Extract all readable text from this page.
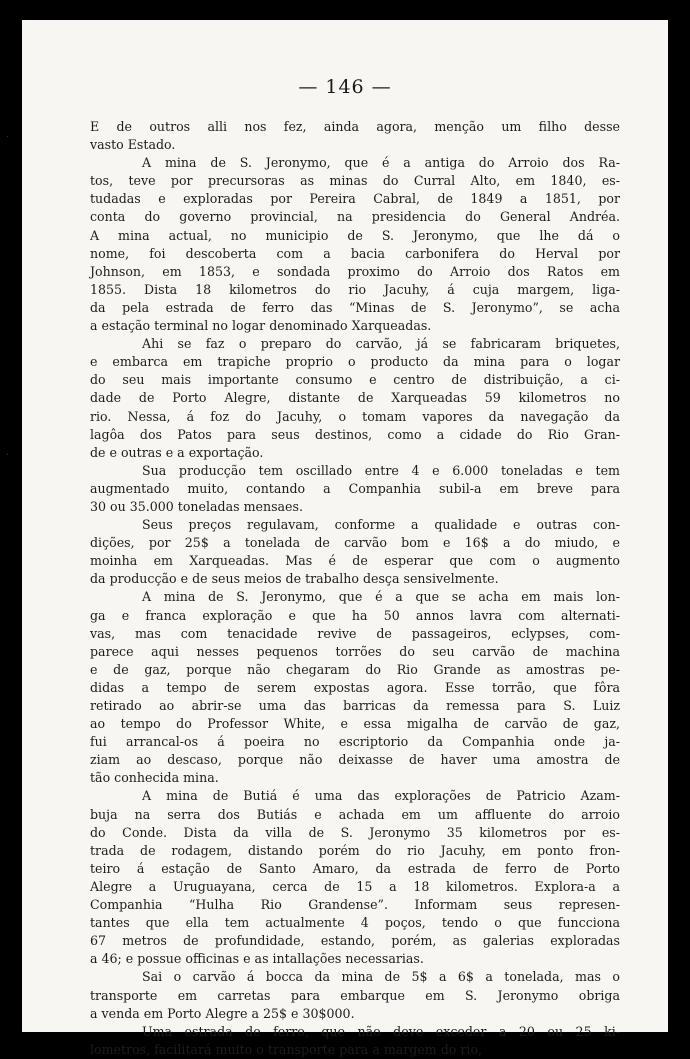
— 146 —
E de outros alli nos fez, ainda agora, menção um filho desse
vasto Estado.
A mina de S. Jeronymo, que é a antiga do Arroio dos Ra-
tos, teve por precursoras as minas do Curral Alto, em 1840, es-
tudadas e exploradas por Pereira Cabral, de 1849 a 1851, por
conta do governo provincial, na presidencia do General Andréa.
A mina actual, no municipio de S. Jeronymo, que lhe dá o
nome, foi descoberta com a bacia carbonifera do Herval por
Johnson, em 1853, e sondada proximo do Arroio dos Ratos em
1855. Dista 18 kilometros do rio Jacuhy, á cuja margem, liga-
da pela estrada de ferro das “Minas de S. Jeronymo”, se acha
a estação terminal no logar denominado Xarqueadas.
Ahi se faz o preparo do carvão, já se fabricaram briquetes,
e embarca em trapiche proprio o producto da mina para o logar
do seu mais importante consumo e centro de distribuição, a ci-
dade de Porto Alegre, distante de Xarqueadas 59 kilometros no
rio. Nessa, á foz do Jacuhy, o tomam vapores da navegação da
lagôa dos Patos para seus destinos, como a cidade do Rio Gran-
de e outras e a exportação.
Sua producção tem oscillado entre 4 e 6.000 toneladas e tem
augmentado muito, contando a Companhia subil-a em breve para
30 ou 35.000 toneladas mensaes.
Seus preços regulavam, conforme a qualidade e outras con-
dições, por 25$ a tonelada de carvão bom e 16$ a do miudo, e
moinha em Xarqueadas. Mas é de esperar que com o augmento
da producção e de seus meios de trabalho desça sensivelmente.
A mina de S. Jeronymo, que é a que se acha em mais lon-
ga e franca exploração e que ha 50 annos lavra com alternati-
vas, mas com tenacidade revive de passageiros, eclypses, com-
parece aqui nesses pequenos torrões do seu carvão de machina
e de gaz, porque não chegaram do Rio Grande as amostras pe-
didas a tempo de serem expostas agora. Esse torrão, que fôra
retirado ao abrir-se uma das barricas da remessa para S. Luiz
ao tempo do Professor White, e essa migalha de carvão de gaz,
fui arrancal-os á poeira no escriptorio da Companhia onde ja-
ziam ao descaso, porque não deixasse de haver uma amostra de
tão conhecida mina.
A mina de Butiá é uma das explorações de Patricio Azam-
buja na serra dos Butiás e achada em um affluente do arroio
do Conde. Dista da villa de S. Jeronymo 35 kilometros por es-
trada de rodagem, distando porém do rio Jacuhy, em ponto fron-
teiro á estação de Santo Amaro, da estrada de ferro de Porto
Alegre a Uruguayana, cerca de 15 a 18 kilometros. Explora-a a
Companhia “Hulha Rio Grandense”. Informam seus represen-
tantes que ella tem actualmente 4 poços, tendo o que funcciona
67 metros de profundidade, estando, porém, as galerias exploradas
a 46; e possue officinas e as intallações necessarias.
Sai o carvão á bocca da mina de 5$ a 6$ a tonelada, mas o
transporte em carretas para embarque em S. Jeronymo obriga
a venda em Porto Alegre a 25$ e 30$000.
Uma estrada de ferro, que não deve exceder a 20 ou 25 ki-
lometros, facilitará muito o transporte para a margem do rio,
·
·
